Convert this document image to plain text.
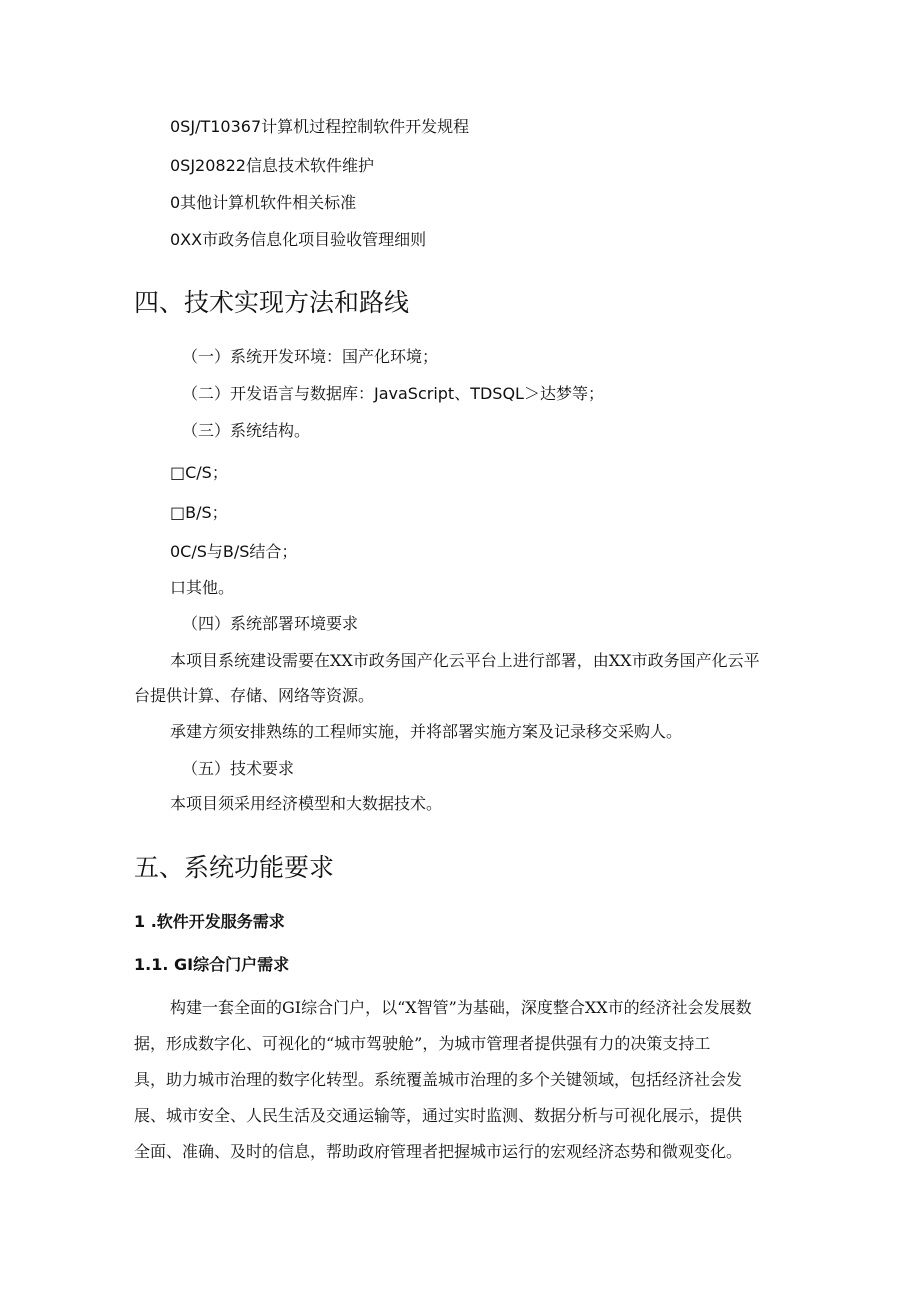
0SJ/T10367计算机过程控制软件开发规程
0SJ20822信息技术软件维护
0其他计算机软件相关标准
0XX市政务信息化项目验收管理细则
四、技术实现方法和路线
（一）系统开发环境：国产化环境；
（二）开发语言与数据库：JavaScript、TDSQL＞达梦等；
（三）系统结构。
□C/S；
□B/S；
0C/S与B/S结合；
口其他。
（四）系统部署环境要求
本项目系统建设需要在XX市政务国产化云平台上进行部署，由XX市政务国产化云平
台提供计算、存储、网络等资源。
承建方须安排熟练的工程师实施，并将部署实施方案及记录移交采购人。
（五）技术要求
本项目须采用经济模型和大数据技术。
五、系统功能要求
1 .软件开发服务需求
1.1. GI综合门户需求
构建一套全面的GI综合门户，以“X智管”为基础，深度整合XX市的经济社会发展数
据，形成数字化、可视化的“城市驾驶舱”，为城市管理者提供强有力的决策支持工
具，助力城市治理的数字化转型。系统覆盖城市治理的多个关键领域，包括经济社会发
展、城市安全、人民生活及交通运输等，通过实时监测、数据分析与可视化展示，提供
全面、准确、及时的信息，帮助政府管理者把握城市运行的宏观经济态势和微观变化。
